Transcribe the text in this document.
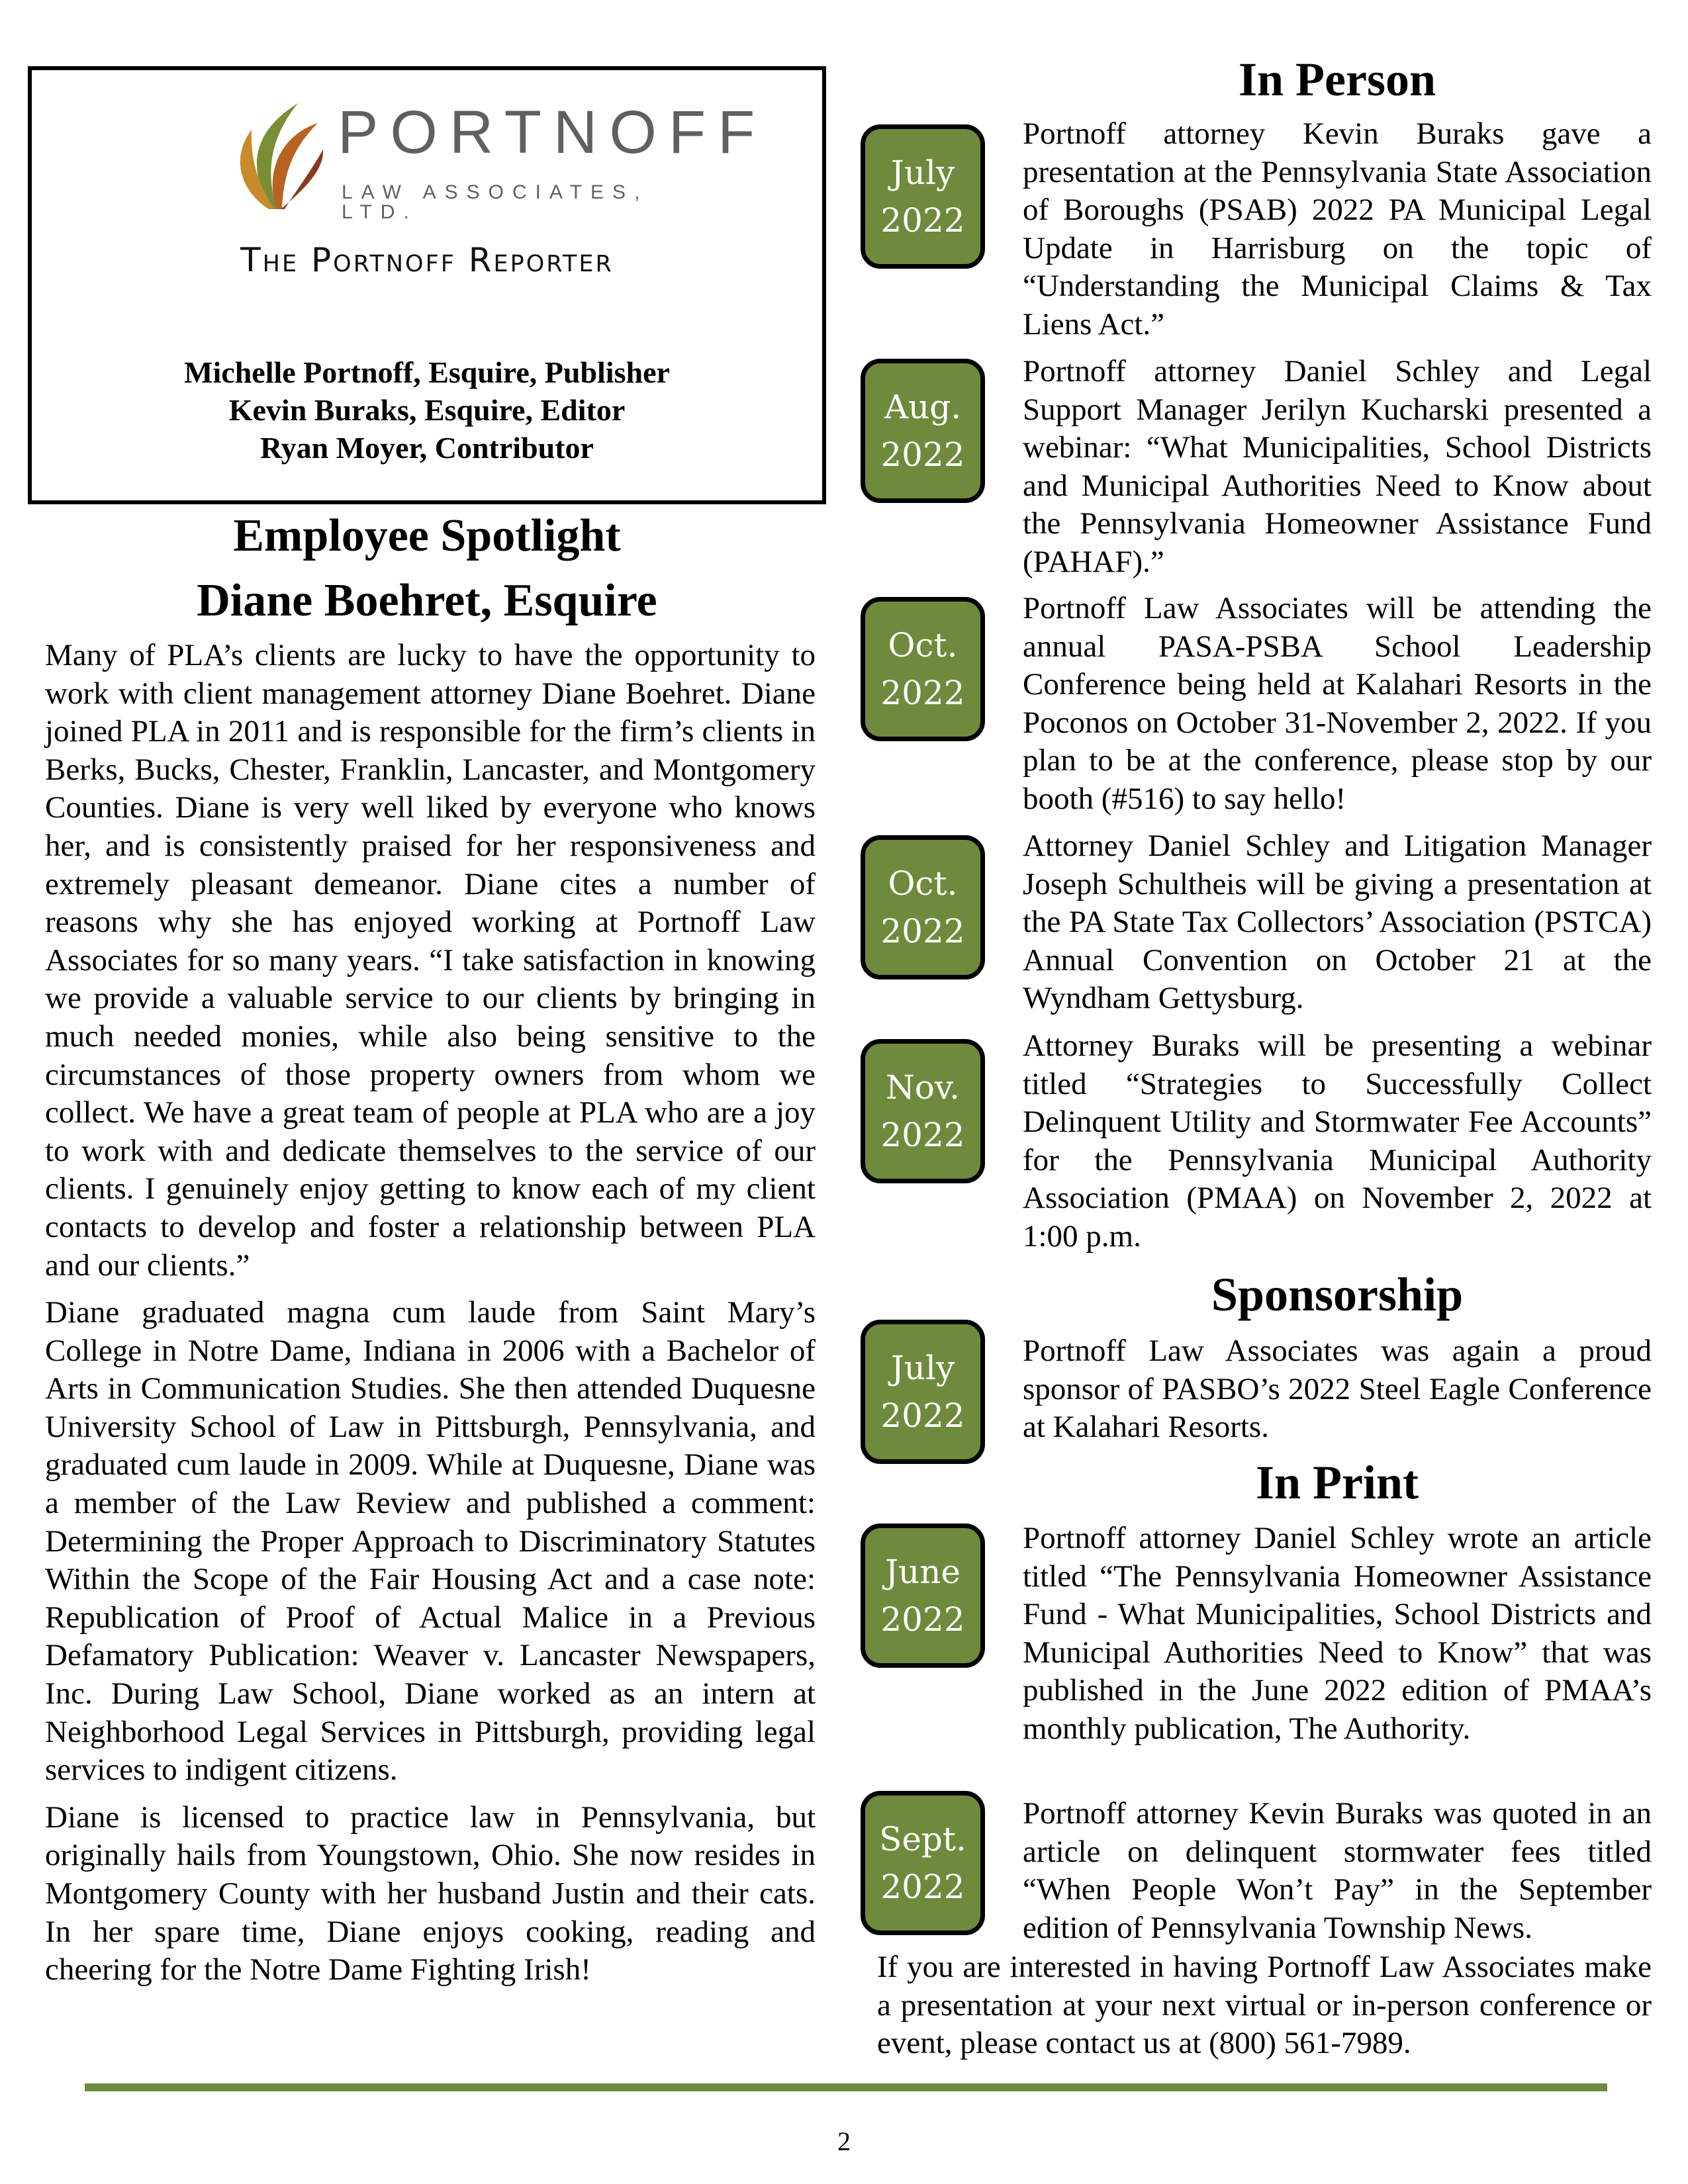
PORTNOFF
LAW ASSOCIATES, LTD.
The Portnoff Reporter
Michelle Portnoff, Esquire, Publisher
Kevin Buraks, Esquire, Editor
Ryan Moyer, Contributor
Employee Spotlight
Diane Boehret, Esquire

Many of PLA’s clients are lucky to have the opportunity to work with client management attorney Diane Boehret. Diane joined PLA in 2011 and is responsible for the firm’s clients in Berks, Bucks, Chester, Franklin, Lancaster, and Montgomery Counties. Diane is very well liked by everyone who knows her, and is consistently praised for her responsiveness and extremely pleasant demeanor. Diane cites a number of reasons why she has enjoyed working at Portnoff Law Associates for so many years. “I take satisfaction in knowing we provide a valuable service to our clients by bringing in much needed monies, while also being sensitive to the circumstances of those property owners from whom we collect. We have a great team of people at PLA who are a joy to work with and dedicate themselves to the service of our clients. I genuinely enjoy getting to know each of my client contacts to develop and foster a relationship between PLA and our clients.”

Diane graduated magna cum laude from Saint Mary’s College in Notre Dame, Indiana in 2006 with a Bachelor of Arts in Communication Studies. She then attended Duquesne University School of Law in Pittsburgh, Pennsylvania, and graduated cum laude in 2009. While at Duquesne, Diane was a member of the Law Review and published a comment: Determining the Proper Approach to Discriminatory Statutes Within the Scope of the Fair Housing Act and a case note: Republication of Proof of Actual Malice in a Previous Defamatory Publication: Weaver v. Lancaster Newspapers, Inc. During Law School, Diane worked as an intern at Neighborhood Legal Services in Pittsburgh, providing legal services to indigent citizens.

Diane is licensed to practice law in Pennsylvania, but originally hails from Youngstown, Ohio. She now resides in Montgomery County with her husband Justin and their cats. In her spare time, Diane enjoys cooking, reading and cheering for the Notre Dame Fighting Irish!

In Person
July
2022

Portnoff attorney Kevin Buraks gave a presentation at the Pennsylvania State Association of Boroughs (PSAB) 2022 PA Municipal Legal Update in Harrisburg on the topic of “Understanding the Municipal Claims & Tax Liens Act.”

Aug.
2022

Portnoff attorney Daniel Schley and Legal Support Manager Jerilyn Kucharski presented a webinar: “What Municipalities, School Districts and Municipal Authorities Need to Know about the Pennsylvania Homeowner Assistance Fund (PAHAF).”

Oct.
2022

Portnoff Law Associates will be attending the annual PASA-PSBA School Leadership Conference being held at Kalahari Resorts in the Poconos on October 31-November 2, 2022. If you plan to be at the conference, please stop by our booth (#516) to say hello!

Oct.
2022

Attorney Daniel Schley and Litigation Manager Joseph Schultheis will be giving a presentation at the PA State Tax Collectors’ Association (PSTCA) Annual Convention on October 21 at the Wyndham Gettysburg.

Nov.
2022

Attorney Buraks will be presenting a webinar titled “Strategies to Successfully Collect Delinquent Utility and Stormwater Fee Accounts” for the Pennsylvania Municipal Authority Association (PMAA) on November 2, 2022 at 1:00 p.m.

Sponsorship
July
2022

Portnoff Law Associates was again a proud sponsor of PASBO’s 2022 Steel Eagle Conference at Kalahari Resorts.

In Print
June
2022

Portnoff attorney Daniel Schley wrote an article titled “The Pennsylvania Homeowner Assistance Fund - What Municipalities, School Districts and Municipal Authorities Need to Know” that was published in the June 2022 edition of PMAA’s monthly publication, The Authority.

Sept.
2022

Portnoff attorney Kevin Buraks was quoted in an article on delinquent stormwater fees titled “When People Won’t Pay” in the September edition of Pennsylvania Township News.

If you are interested in having Portnoff Law Associates make a presentation at your next virtual or in-person conference or event, please contact us at (800) 561-7989.

2
